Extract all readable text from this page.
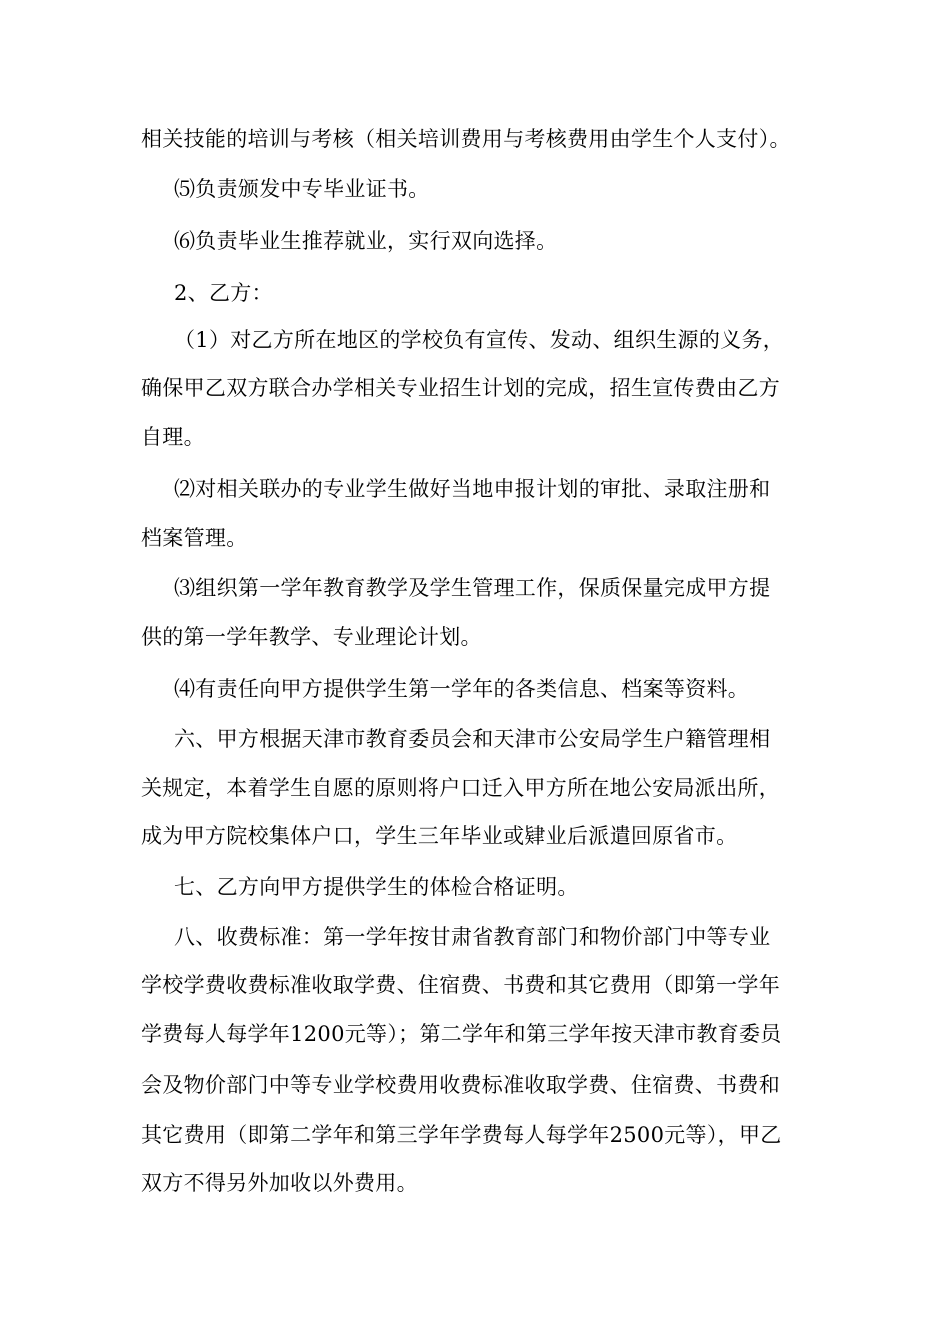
相关技能的培训与考核（相关培训费用与考核费用由学生个人支付）。
⑸负责颁发中专毕业证书。
⑹负责毕业生推荐就业，实行双向选择。
2、乙方：
（1）对乙方所在地区的学校负有宣传、发动、组织生源的义务，
确保甲乙双方联合办学相关专业招生计划的完成，招生宣传费由乙方
自理。
⑵对相关联办的专业学生做好当地申报计划的审批、录取注册和
档案管理。
⑶组织第一学年教育教学及学生管理工作，保质保量完成甲方提
供的第一学年教学、专业理论计划。
⑷有责任向甲方提供学生第一学年的各类信息、档案等资料。
六、甲方根据天津市教育委员会和天津市公安局学生户籍管理相
关规定，本着学生自愿的原则将户口迁入甲方所在地公安局派出所，
成为甲方院校集体户口，学生三年毕业或肄业后派遣回原省市。
七、乙方向甲方提供学生的体检合格证明。
八、收费标准：第一学年按甘肃省教育部门和物价部门中等专业
学校学费收费标准收取学费、住宿费、书费和其它费用（即第一学年
学费每人每学年1200元等）；第二学年和第三学年按天津市教育委员
会及物价部门中等专业学校费用收费标准收取学费、住宿费、书费和
其它费用（即第二学年和第三学年学费每人每学年2500元等），甲乙
双方不得另外加收以外费用。
